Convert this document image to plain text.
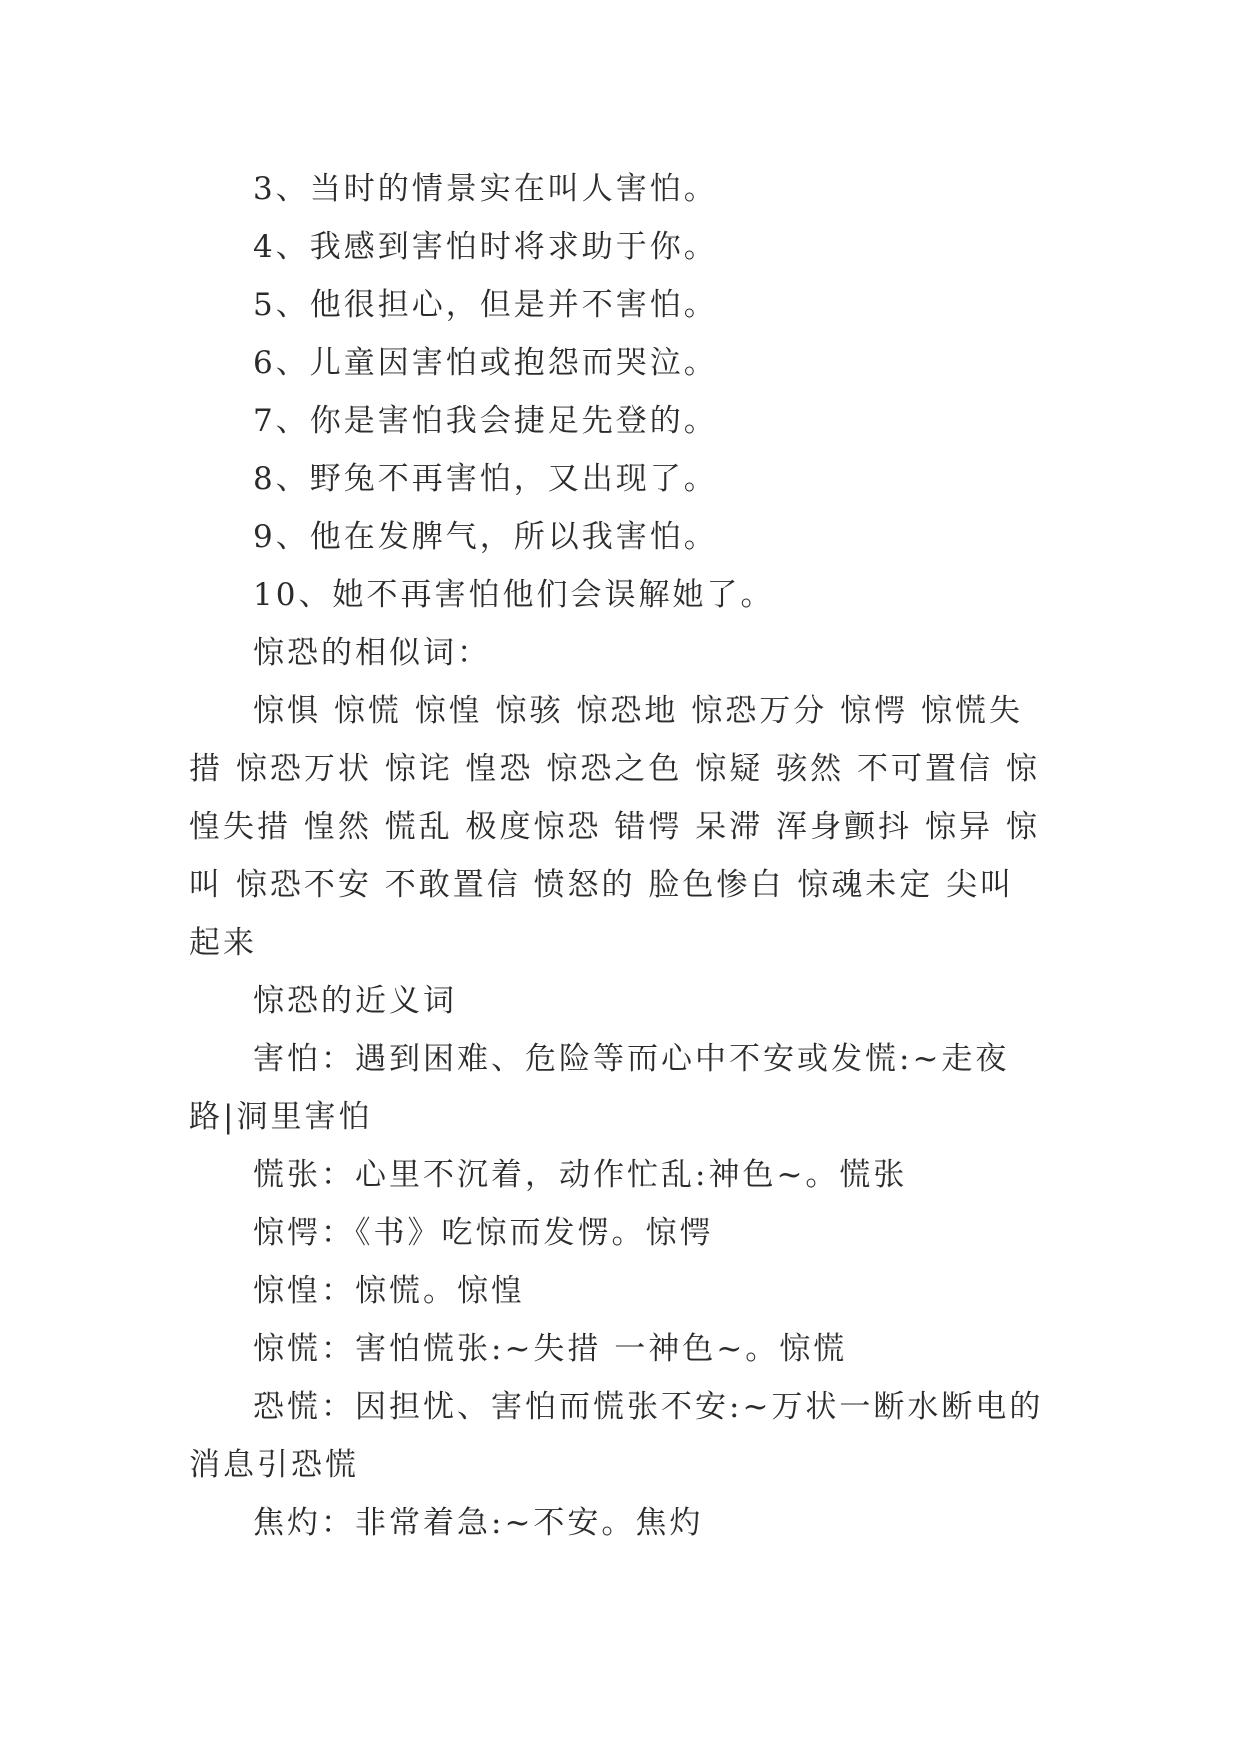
3、当时的情景实在叫人害怕。

4、我感到害怕时将求助于你。

5、他很担心，但是并不害怕。

6、儿童因害怕或抱怨而哭泣。

7、你是害怕我会捷足先登的。

8、野兔不再害怕，又出现了。

9、他在发脾气，所以我害怕。

10、她不再害怕他们会误解她了。

惊恐的相似词：

惊惧 惊慌 惊惶 惊骇 惊恐地 惊恐万分 惊愕 惊慌失措 惊恐万状 惊诧 惶恐 惊恐之色 惊疑 骇然 不可置信 惊惶失措 惶然 慌乱 极度惊恐 错愕 呆滞 浑身颤抖 惊异 惊叫 惊恐不安 不敢置信 愤怒的 脸色惨白 惊魂未定 尖叫起来

惊恐的近义词

害怕：遇到困难、危险等而心中不安或发慌:~走夜路|洞里害怕

慌张：心里不沉着，动作忙乱:神色~。慌张

惊愕：《书》吃惊而发愣。惊愕

惊惶：惊慌。惊惶

惊慌：害怕慌张:~失措 一神色~。惊慌

恐慌：因担忧、害怕而慌张不安:~万状一断水断电的消息引恐慌

焦灼：非常着急:~不安。焦灼
